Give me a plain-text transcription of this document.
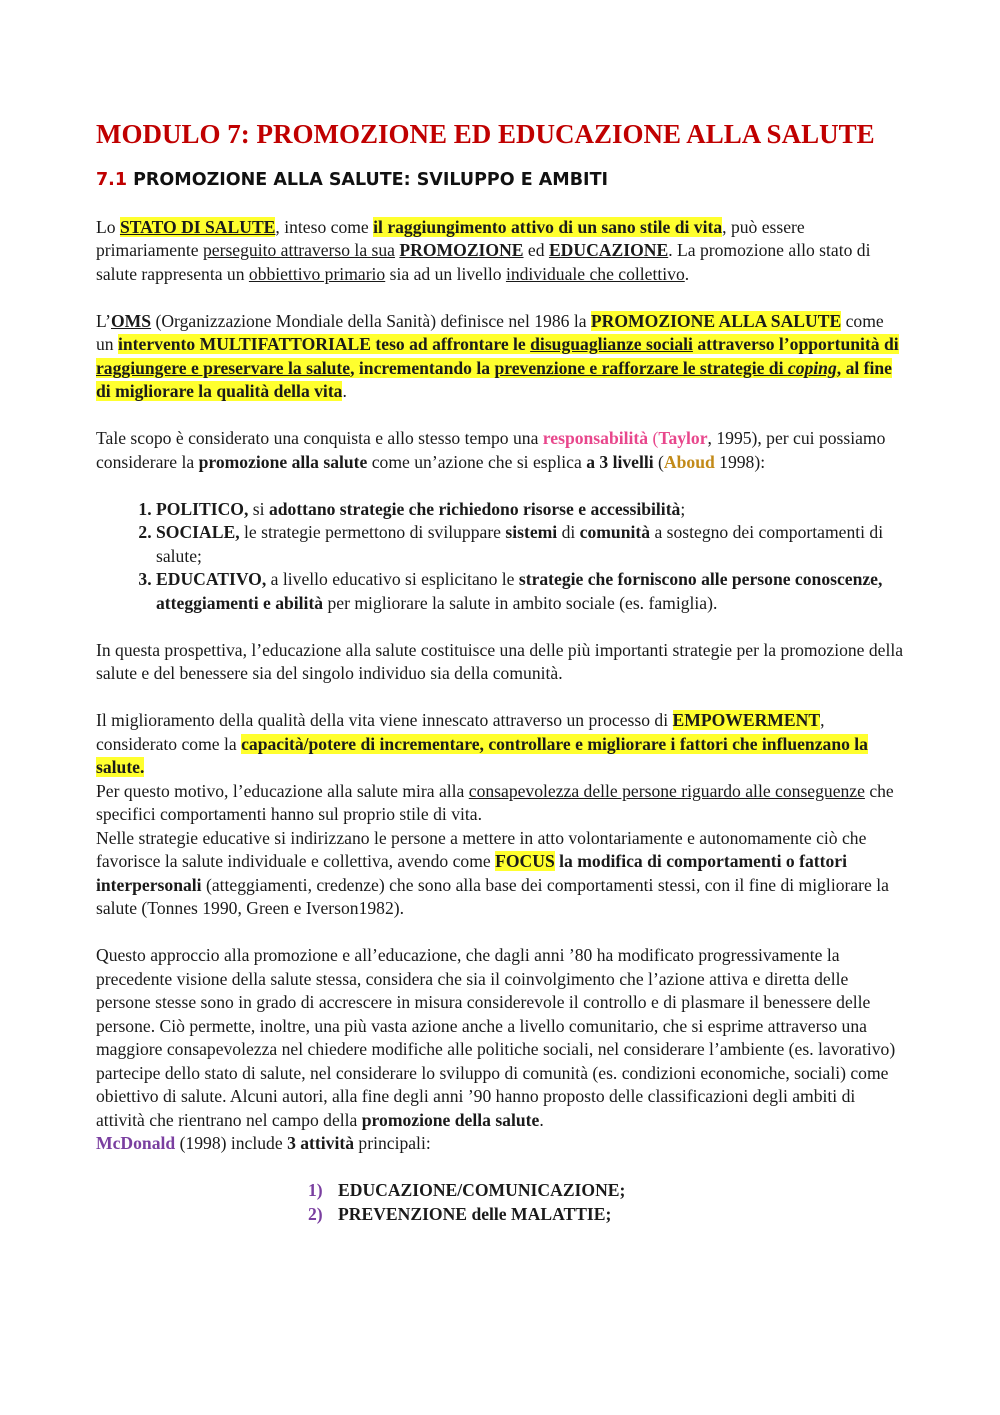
MODULO 7: PROMOZIONE ED EDUCAZIONE ALLA SALUTE
7.1 PROMOZIONE ALLA SALUTE: SVILUPPO E AMBITI

Lo STATO DI SALUTE, inteso come il raggiungimento attivo di un sano stile di vita, può essere primariamente perseguito attraverso la sua PROMOZIONE ed EDUCAZIONE. La promozione allo stato di salute rappresenta un obbiettivo primario sia ad un livello individuale che collettivo.

L’OMS (Organizzazione Mondiale della Sanità) definisce nel 1986 la PROMOZIONE ALLA SALUTE come un intervento MULTIFATTORIALE teso ad affrontare le disuguaglianze sociali attraverso l’opportunità di raggiungere e preservare la salute, incrementando la prevenzione e rafforzare le strategie di coping, al fine di migliorare la qualità della vita.

Tale scopo è considerato una conquista e allo stesso tempo una responsabilità (Taylor, 1995), per cui possiamo considerare la promozione alla salute come un’azione che si esplica a 3 livelli (Aboud 1998):

1. POLITICO, si adottano strategie che richiedono risorse e accessibilità;
2. SOCIALE, le strategie permettono di sviluppare sistemi di comunità a sostegno dei comportamenti di salute;
3. EDUCATIVO, a livello educativo si esplicitano le strategie che forniscono alle persone conoscenze, atteggiamenti e abilità per migliorare la salute in ambito sociale (es. famiglia).

In questa prospettiva, l’educazione alla salute costituisce una delle più importanti strategie per la promozione della salute e del benessere sia del singolo individuo sia della comunità.

Il miglioramento della qualità della vita viene innescato attraverso un processo di EMPOWERMENT, considerato come la capacità/potere di incrementare, controllare e migliorare i fattori che influenzano la salute.

Per questo motivo, l’educazione alla salute mira alla consapevolezza delle persone riguardo alle conseguenze che specifici comportamenti hanno sul proprio stile di vita.

Nelle strategie educative si indirizzano le persone a mettere in atto volontariamente e autonomamente ciò che favorisce la salute individuale e collettiva, avendo come FOCUS la modifica di comportamenti o fattori interpersonali (atteggiamenti, credenze) che sono alla base dei comportamenti stessi, con il fine di migliorare la salute (Tonnes 1990, Green e Iverson1982).

Questo approccio alla promozione e all’educazione, che dagli anni ’80 ha modificato progressivamente la precedente visione della salute stessa, considera che sia il coinvolgimento che l’azione attiva e diretta delle persone stesse sono in grado di accrescere in misura considerevole il controllo e di plasmare il benessere delle persone. Ciò permette, inoltre, una più vasta azione anche a livello comunitario, che si esprime attraverso una maggiore consapevolezza nel chiedere modifiche alle politiche sociali, nel considerare l’ambiente (es. lavorativo) partecipe dello stato di salute, nel considerare lo sviluppo di comunità (es. condizioni economiche, sociali) come obiettivo di salute. Alcuni autori, alla fine degli anni ’90 hanno proposto delle classificazioni degli ambiti di attività che rientrano nel campo della promozione della salute.

McDonald (1998) include 3 attività principali:

1) EDUCAZIONE/COMUNICAZIONE;
2) PREVENZIONE delle MALATTIE;
